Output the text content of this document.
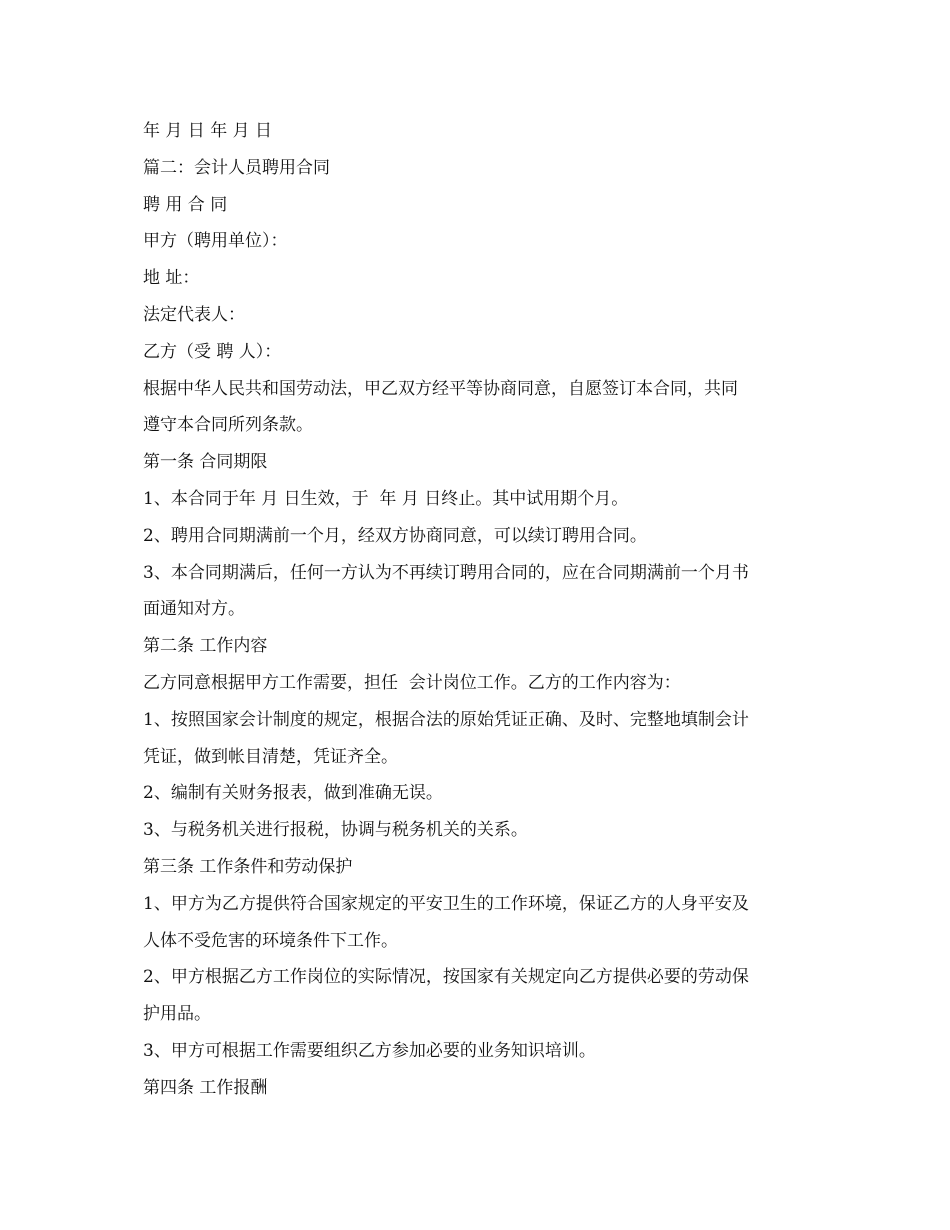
年 月 日 年 月 日
篇二：会计人员聘用合同
聘 用 合 同
甲方（聘用单位）：
地 址：
法定代表人：
乙方（受 聘 人）：
根据中华人民共和国劳动法，甲乙双方经平等协商同意，自愿签订本合同，共同
遵守本合同所列条款。
第一条 合同期限
1、本合同于年 月 日生效，于  年 月 日终止。其中试用期个月。
2、聘用合同期满前一个月，经双方协商同意，可以续订聘用合同。
3、本合同期满后，任何一方认为不再续订聘用合同的，应在合同期满前一个月书
面通知对方。
第二条 工作内容
乙方同意根据甲方工作需要，担任  会计岗位工作。乙方的工作内容为：
1、按照国家会计制度的规定，根据合法的原始凭证正确、及时、完整地填制会计
凭证，做到帐目清楚，凭证齐全。
2、编制有关财务报表，做到准确无误。
3、与税务机关进行报税，协调与税务机关的关系。
第三条 工作条件和劳动保护
1、甲方为乙方提供符合国家规定的平安卫生的工作环境，保证乙方的人身平安及
人体不受危害的环境条件下工作。
2、甲方根据乙方工作岗位的实际情况，按国家有关规定向乙方提供必要的劳动保
护用品。
3、甲方可根据工作需要组织乙方参加必要的业务知识培训。
第四条 工作报酬
